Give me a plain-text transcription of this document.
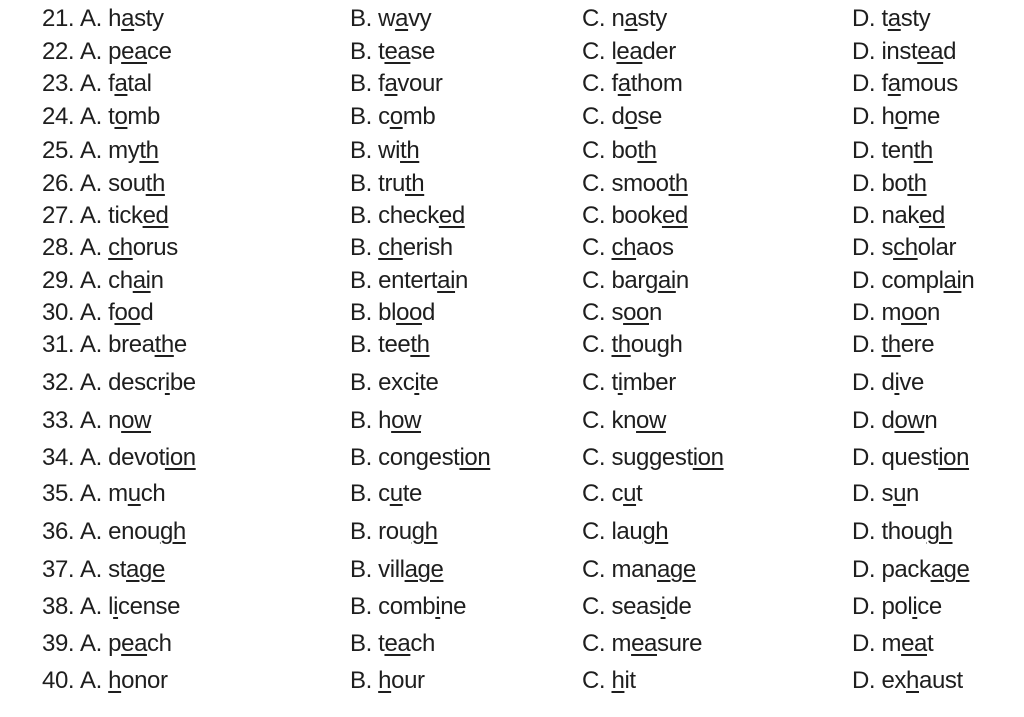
21. A. hasty	B. wavy	C. nasty	D. tasty
22. A. peace	B. tease	C. leader	D. instead
23. A. fatal	B. favour	C. fathom	D. famous
24. A. tomb	B. comb	C. dose	D. home
25. A. myth	B. with	C. both	D. tenth
26. A. south	B. truth	C. smooth	D. both
27. A. ticked	B. checked	C. booked	D. naked
28. A. chorus	B. cherish	C. chaos	D. scholar
29. A. chain	B. entertain	C. bargain	D. complain
30. A. food	B. blood	C. soon	D. moon
31. A. breathe	B. teeth	C. though	D. there
32. A. describe	B. excite	C. timber	D. dive
33. A. now	B. how	C. know	D. down
34. A. devotion	B. congestion	C. suggestion	D. question
35. A. much	B. cute	C. cut	D. sun
36. A. enough	B. rough	C. laugh	D. though
37. A. stage	B. village	C. manage	D. package
38. A. license	B. combine	C. seaside	D. police
39. A. peach	B. teach	C. measure	D. meat
40. A. honor	B. hour	C. hit	D. exhaust
